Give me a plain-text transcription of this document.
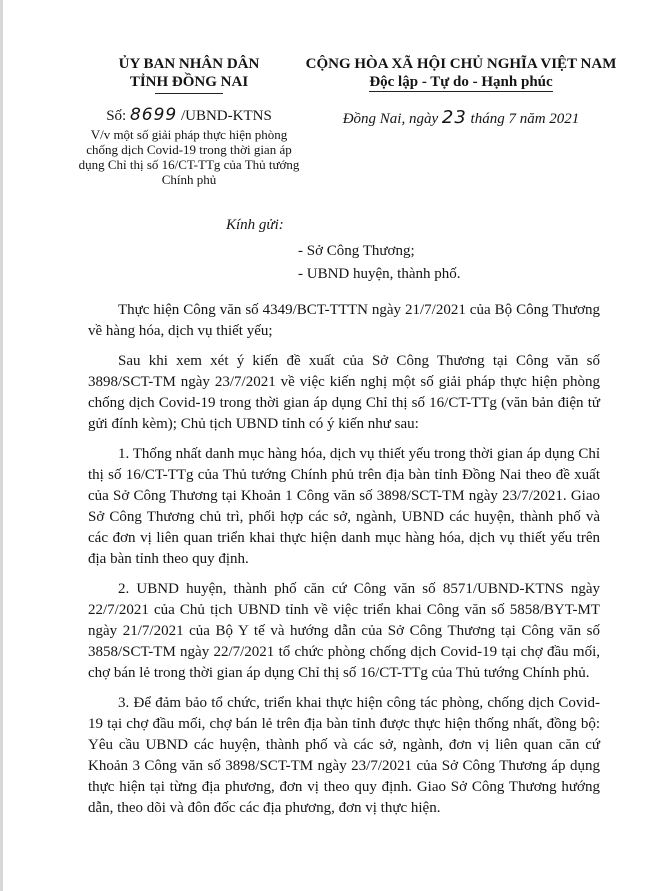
ỦY BAN NHÂN DÂN
TỈNH ĐỒNG NAI
Số: 8699 /UBND-KTNS
V/v một số giải pháp thực hiện phòng chống dịch Covid-19 trong thời gian áp dụng Chỉ thị số 16/CT-TTg của Thủ tướng Chính phủ
CỘNG HÒA XÃ HỘI CHỦ NGHĨA VIỆT NAM
Độc lập - Tự do - Hạnh phúc
Đồng Nai, ngày 23 tháng 7 năm 2021
Kính gửi:
- Sở Công Thương;
- UBND huyện, thành phố.

Thực hiện Công văn số 4349/BCT-TTTN ngày 21/7/2021 của Bộ Công Thương về hàng hóa, dịch vụ thiết yếu;

Sau khi xem xét ý kiến đề xuất của Sở Công Thương tại Công văn số 3898/SCT-TM ngày 23/7/2021 về việc kiến nghị một số giải pháp thực hiện phòng chống dịch Covid-19 trong thời gian áp dụng Chỉ thị số 16/CT-TTg (văn bản điện tử gửi đính kèm); Chủ tịch UBND tỉnh có ý kiến như sau:

1. Thống nhất danh mục hàng hóa, dịch vụ thiết yếu trong thời gian áp dụng Chỉ thị số 16/CT-TTg của Thủ tướng Chính phủ trên địa bàn tỉnh Đồng Nai theo đề xuất của Sở Công Thương tại Khoản 1 Công văn số 3898/SCT-TM ngày 23/7/2021. Giao Sở Công Thương chủ trì, phối hợp các sở, ngành, UBND các huyện, thành phố và các đơn vị liên quan triển khai thực hiện danh mục hàng hóa, dịch vụ thiết yếu trên địa bàn tỉnh theo quy định.

2. UBND huyện, thành phố căn cứ Công văn số 8571/UBND-KTNS ngày 22/7/2021 của Chủ tịch UBND tỉnh về việc triển khai Công văn số 5858/BYT-MT ngày 21/7/2021 của Bộ Y tế và hướng dẫn của Sở Công Thương tại Công văn số 3858/SCT-TM ngày 22/7/2021 tổ chức phòng chống dịch Covid-19 tại chợ đầu mối, chợ bán lẻ trong thời gian áp dụng Chỉ thị số 16/CT-TTg của Thủ tướng Chính phủ.

3. Để đảm bảo tổ chức, triển khai thực hiện công tác phòng, chống dịch Covid-19 tại chợ đầu mối, chợ bán lẻ trên địa bàn tỉnh được thực hiện thống nhất, đồng bộ: Yêu cầu UBND các huyện, thành phố và các sở, ngành, đơn vị liên quan căn cứ Khoản 3 Công văn số 3898/SCT-TM ngày 23/7/2021 của Sở Công Thương áp dụng thực hiện tại từng địa phương, đơn vị theo quy định. Giao Sở Công Thương hướng dẫn, theo dõi và đôn đốc các địa phương, đơn vị thực hiện.
